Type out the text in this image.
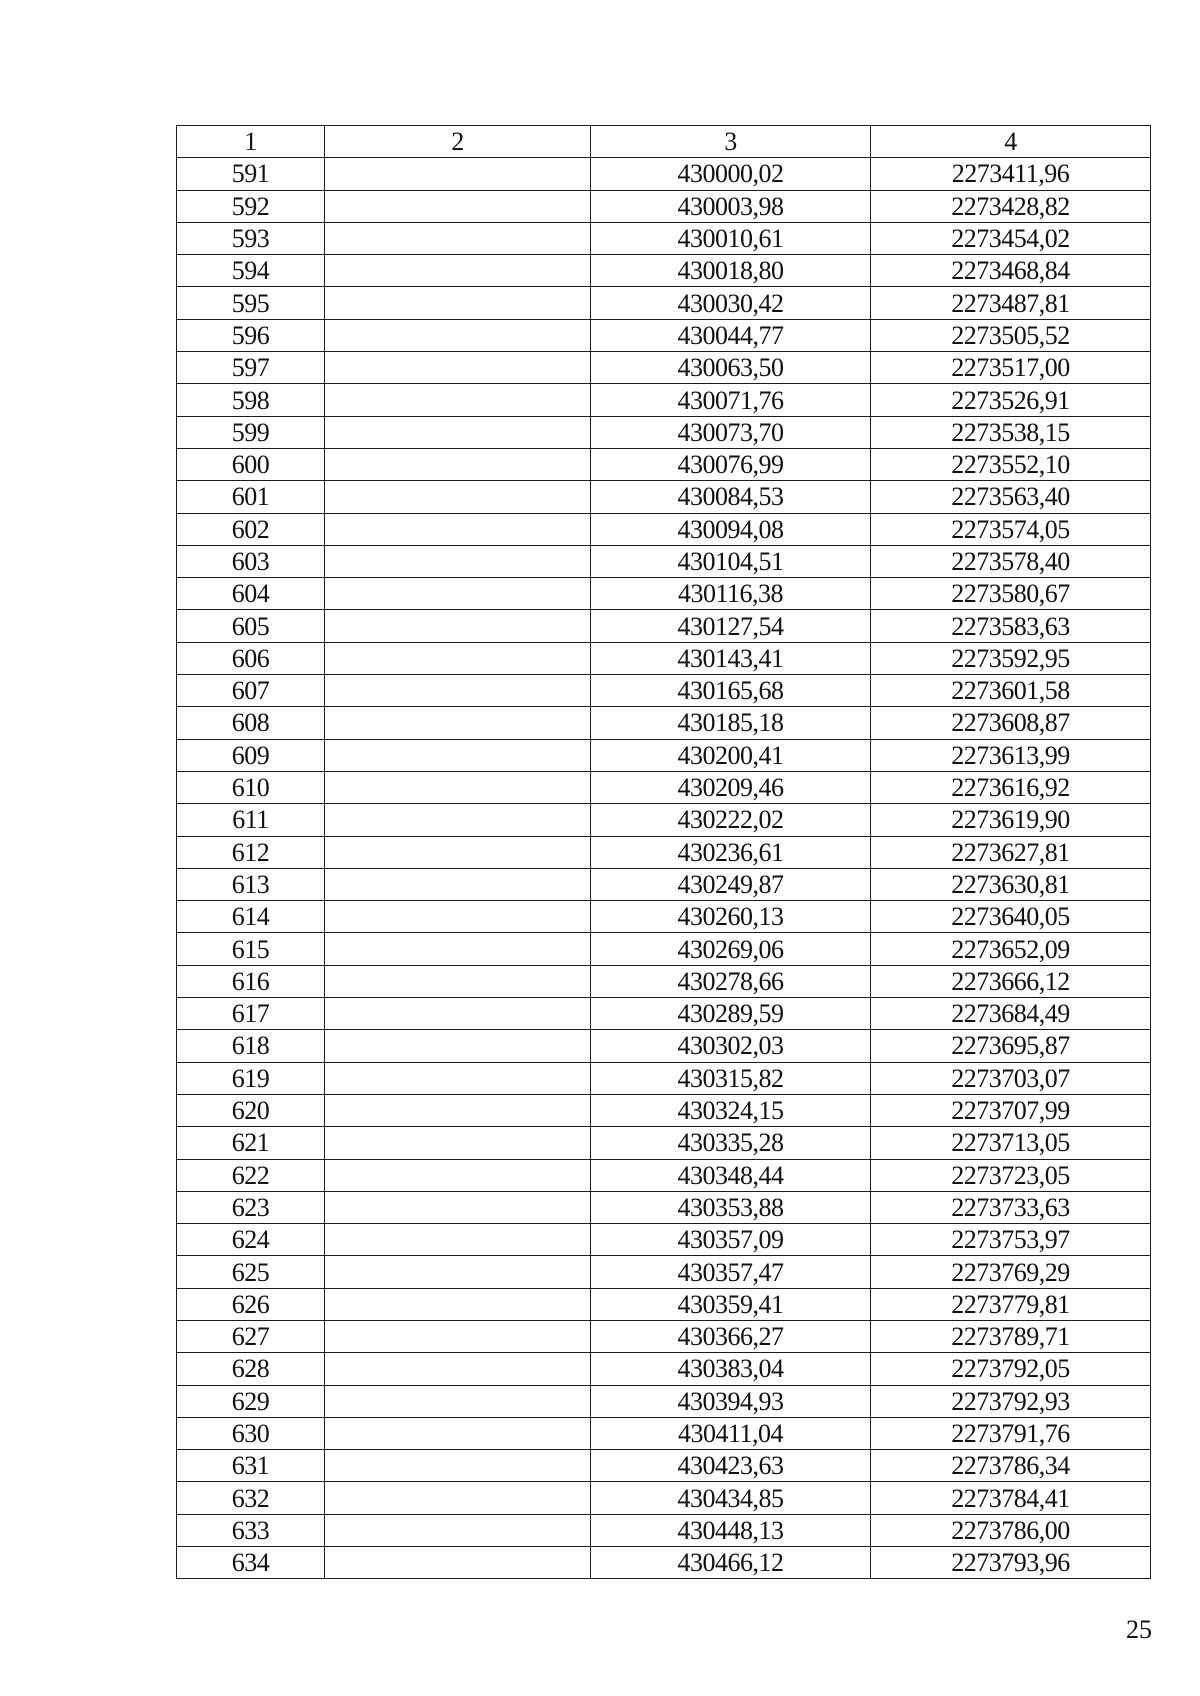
1	2	3	4
591		430000,02	2273411,96
592		430003,98	2273428,82
593		430010,61	2273454,02
594		430018,80	2273468,84
595		430030,42	2273487,81
596		430044,77	2273505,52
597		430063,50	2273517,00
598		430071,76	2273526,91
599		430073,70	2273538,15
600		430076,99	2273552,10
601		430084,53	2273563,40
602		430094,08	2273574,05
603		430104,51	2273578,40
604		430116,38	2273580,67
605		430127,54	2273583,63
606		430143,41	2273592,95
607		430165,68	2273601,58
608		430185,18	2273608,87
609		430200,41	2273613,99
610		430209,46	2273616,92
611		430222,02	2273619,90
612		430236,61	2273627,81
613		430249,87	2273630,81
614		430260,13	2273640,05
615		430269,06	2273652,09
616		430278,66	2273666,12
617		430289,59	2273684,49
618		430302,03	2273695,87
619		430315,82	2273703,07
620		430324,15	2273707,99
621		430335,28	2273713,05
622		430348,44	2273723,05
623		430353,88	2273733,63
624		430357,09	2273753,97
625		430357,47	2273769,29
626		430359,41	2273779,81
627		430366,27	2273789,71
628		430383,04	2273792,05
629		430394,93	2273792,93
630		430411,04	2273791,76
631		430423,63	2273786,34
632		430434,85	2273784,41
633		430448,13	2273786,00
634		430466,12	2273793,96
25
